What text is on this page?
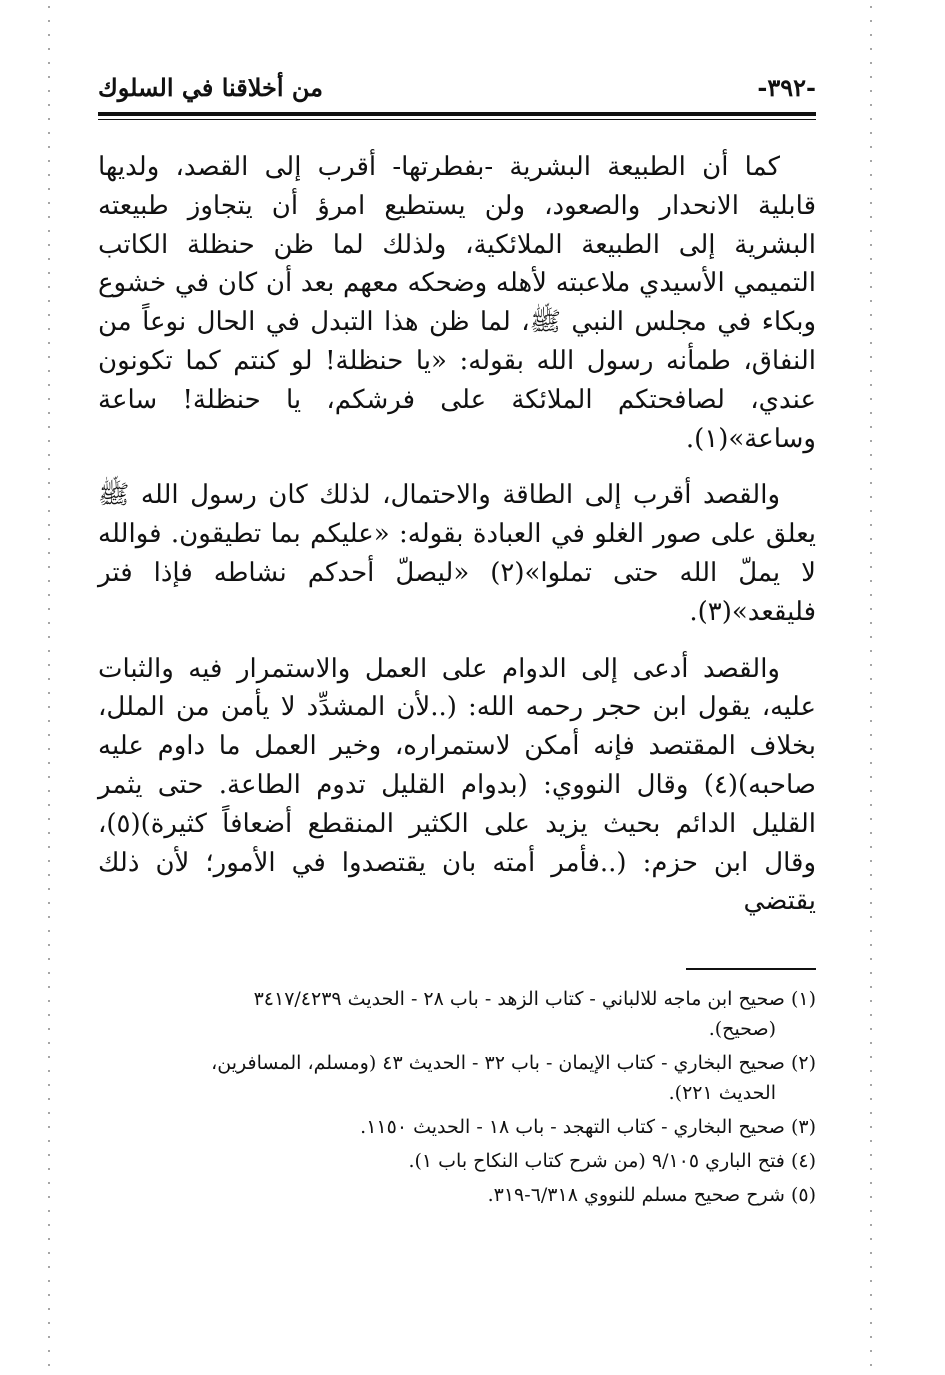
-٣٩٢-
من أخلاقنا في السلوك

كما أن الطبيعة البشرية -بفطرتها- أقرب إلى القصد، ولديها قابلية الانحدار والصعود، ولن يستطيع امرؤ أن يتجاوز طبيعته البشرية إلى الطبيعة الملائكية، ولذلك لما ظن حنظلة الكاتب التميمي الأسيدي ملاعبته لأهله وضحكه معهم بعد أن كان في خشوع وبكاء في مجلس النبي ﷺ، لما ظن هذا التبدل في الحال نوعاً من النفاق، طمأنه رسول الله بقوله: «يا حنظلة! لو كنتم كما تكونون عندي، لصافحتكم الملائكة على فرشكم، يا حنظلة! ساعة وساعة»(١).

والقصد أقرب إلى الطاقة والاحتمال، لذلك كان رسول الله ﷺ يعلق على صور الغلو في العبادة بقوله: «عليكم بما تطيقون. فوالله لا يملّ الله حتى تملوا»(٢) «ليصلّ أحدكم نشاطه فإذا فتر فليقعد»(٣).

والقصد أدعى إلى الدوام على العمل والاستمرار فيه والثبات عليه، يقول ابن حجر رحمه الله: (..لأن المشدِّد لا يأمن من الملل، بخلاف المقتصد فإنه أمكن لاستمراره، وخير العمل ما داوم عليه صاحبه)(٤) وقال النووي: (بدوام القليل تدوم الطاعة. حتى يثمر القليل الدائم بحيث يزيد على الكثير المنقطع أضعافاً كثيرة)(٥)، وقال ابن حزم: (..فأمر أمته بان يقتصدوا في الأمور؛ لأن ذلك يقتضي

(١) صحيح ابن ماجه للالباني - كتاب الزهد - باب ٢٨ - الحديث ٣٤١٧/٤٢٣٩
(صحيح).
(٢) صحيح البخاري - كتاب الإيمان - باب ٣٢ - الحديث ٤٣ (ومسلم، المسافرين،
الحديث ٢٢١).
(٣) صحيح البخاري - كتاب التهجد - باب ١٨ - الحديث ١١٥٠.
(٤) فتح الباري ٩/١٠٥ (من شرح كتاب النكاح باب ١).
(٥) شرح صحيح مسلم للنووي ٦/٣١٨-٣١٩.
